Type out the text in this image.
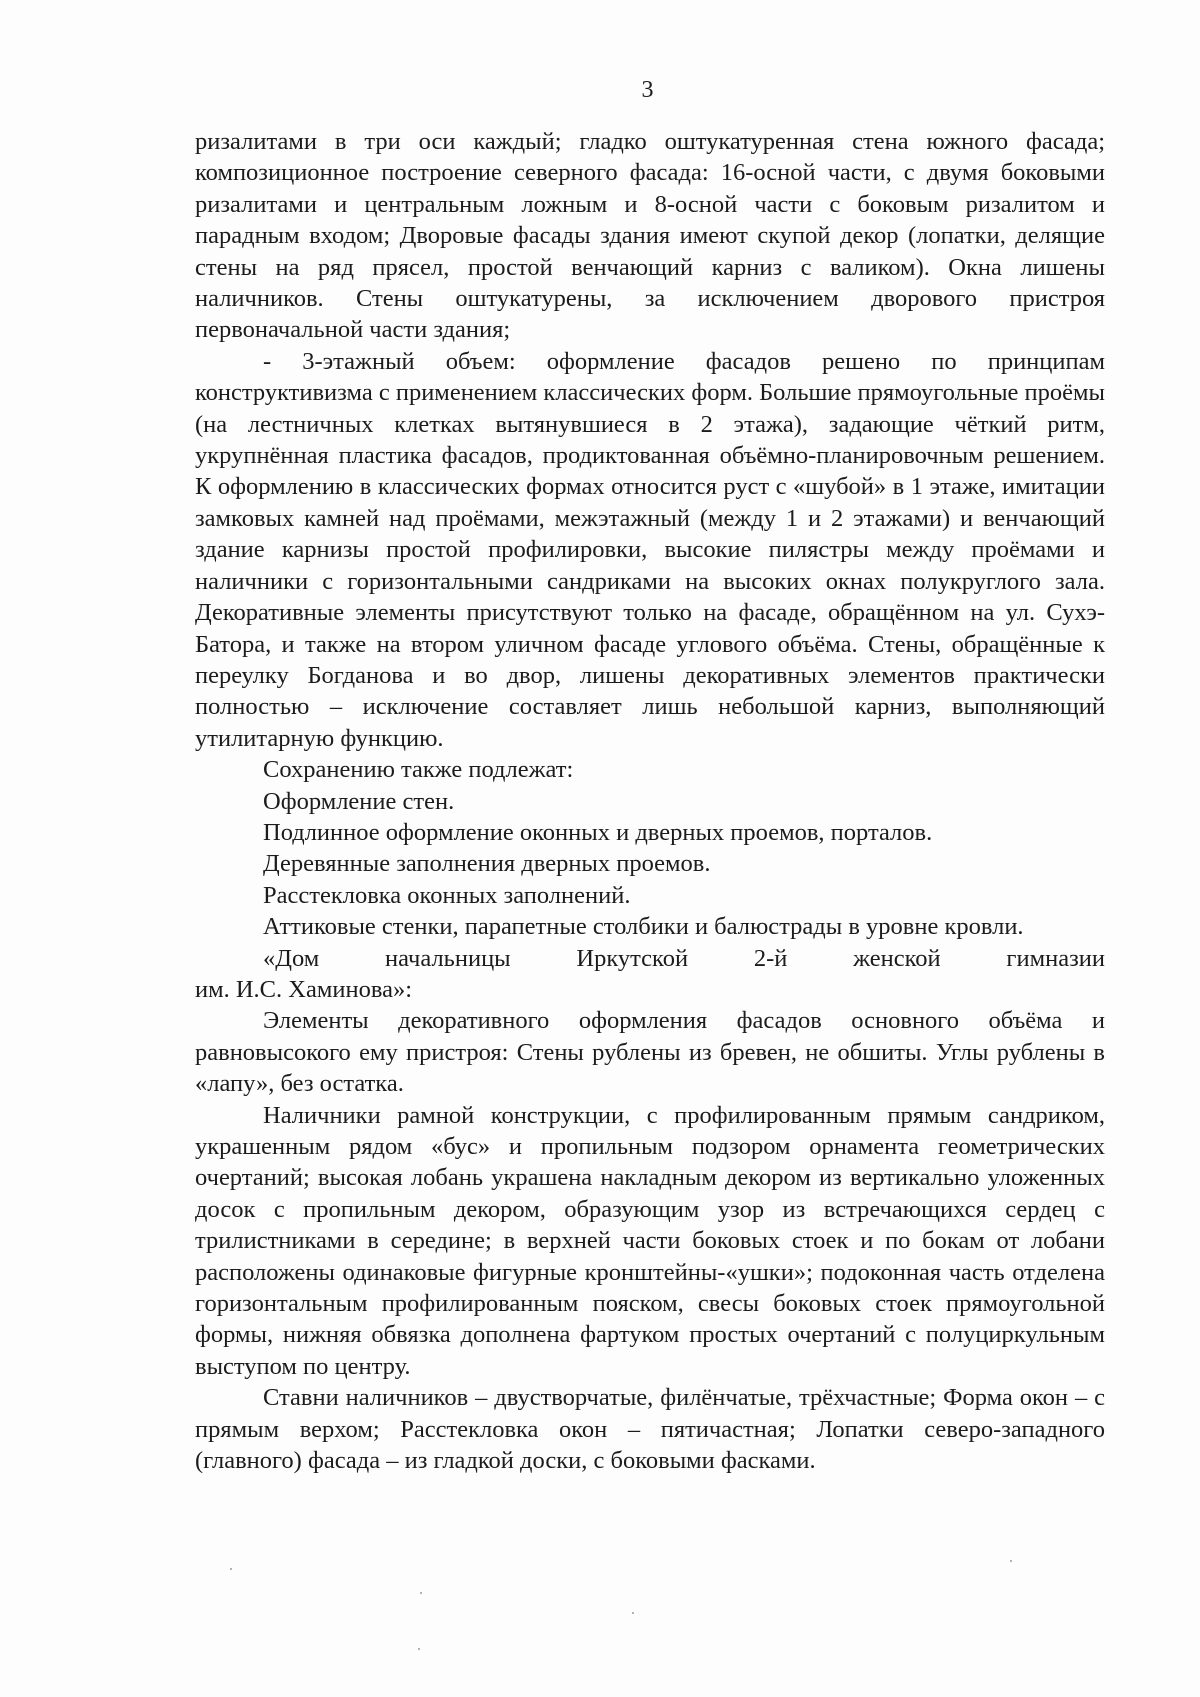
3

ризалитами в три оси каждый; гладко оштукатуренная стена южного фасада; композиционное построение северного фасада: 16-осной части, с двумя боковыми ризалитами и центральным ложным и 8-осной части с боковым ризалитом и парадным входом; Дворовые фасады здания имеют скупой декор (лопатки, делящие стены на ряд прясел, простой венчающий карниз с валиком). Окна лишены наличников. Стены оштукатурены, за исключением дворового пристроя первоначальной части здания;

- 3-этажный объем: оформление фасадов решено по принципам конструктивизма с применением классических форм. Большие прямоугольные проёмы (на лестничных клетках вытянувшиеся в 2 этажа), задающие чёткий ритм, укрупнённая пластика фасадов, продиктованная объёмно-планировочным решением. К оформлению в классических формах относится руст с «шубой» в 1 этаже, имитации замковых камней над проёмами, межэтажный (между 1 и 2 этажами) и венчающий здание карнизы простой профилировки, высокие пилястры между проёмами и наличники с горизонтальными сандриками на высоких окнах полукруглого зала. Декоративные элементы присутствуют только на фасаде, обращённом на ул. Сухэ-Батора, и также на втором уличном фасаде углового объёма. Стены, обращённые к переулку Богданова и во двор, лишены декоративных элементов практически полностью – исключение составляет лишь небольшой карниз, выполняющий утилитарную функцию.

Сохранению также подлежат:

Оформление стен.

Подлинное оформление оконных и дверных проемов, порталов.

Деревянные заполнения дверных проемов.

Расстекловка оконных заполнений.

Аттиковые стенки, парапетные столбики и балюстрады в уровне кровли.

«Дом начальницы Иркутской 2-й женской гимназии

им. И.С. Хаминова»:

Элементы декоративного оформления фасадов основного объёма и равновысокого ему пристроя: Стены рублены из бревен, не обшиты. Углы рублены в «лапу», без остатка.

Наличники рамной конструкции, с профилированным прямым сандриком, украшенным рядом «бус» и пропильным подзором орнамента геометрических очертаний; высокая лобань украшена накладным декором из вертикально уложенных досок с пропильным декором, образующим узор из встречающихся сердец с трилистниками в середине; в верхней части боковых стоек и по бокам от лобани расположены одинаковые фигурные кронштейны-«ушки»; подоконная часть отделена горизонтальным профилированным пояском, свесы боковых стоек прямоугольной формы, нижняя обвязка дополнена фартуком простых очертаний с полуциркульным выступом по центру.

Ставни наличников – двустворчатые, филёнчатые, трёхчастные; Форма окон – с прямым верхом; Расстекловка окон – пятичастная; Лопатки северо-западного (главного) фасада – из гладкой доски, с боковыми фасками.
